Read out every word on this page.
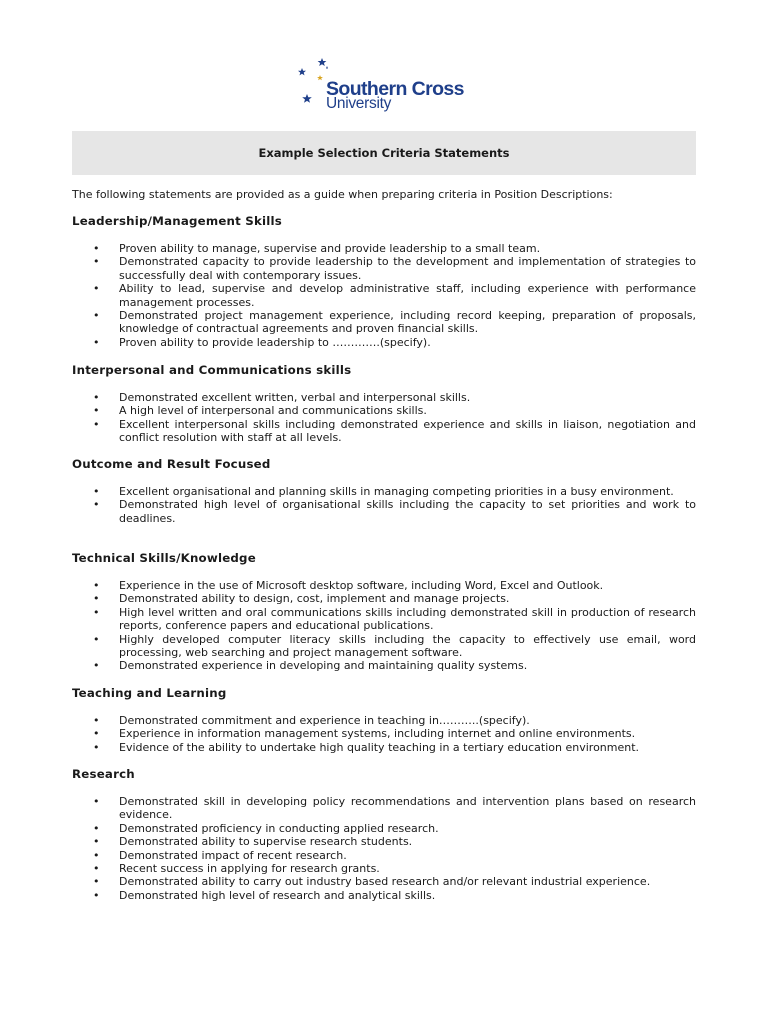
Southern Cross
University
Example Selection Criteria Statements
The following statements are provided as a guide when preparing criteria in Position Descriptions:
Leadership/Management Skills
• Proven ability to manage, supervise and provide leadership to a small team.
• Demonstrated capacity to provide leadership to the development and implementation of strategies to successfully deal with contemporary issues.
• Ability to lead, supervise and develop administrative staff, including experience with performance management processes.
• Demonstrated project management experience, including record keeping, preparation of proposals, knowledge of contractual agreements and proven financial skills.
• Proven ability to provide leadership to ………….(specify).
Interpersonal and Communications skills
• Demonstrated excellent written, verbal and interpersonal skills.
• A high level of interpersonal and communications skills.
• Excellent interpersonal skills including demonstrated experience and skills in liaison, negotiation and conflict resolution with staff at all levels.
Outcome and Result Focused
• Excellent organisational and planning skills in managing competing priorities in a busy environment.
• Demonstrated high level of organisational skills including the capacity to set priorities and work to deadlines.
Technical Skills/Knowledge
• Experience in the use of Microsoft desktop software, including Word, Excel and Outlook.
• Demonstrated ability to design, cost, implement and manage projects.
• High level written and oral communications skills including demonstrated skill in production of research reports, conference papers and educational publications.
• Highly developed computer literacy skills including the capacity to effectively use email, word processing, web searching and project management software.
• Demonstrated experience in developing and maintaining quality systems.
Teaching and Learning
• Demonstrated commitment and experience in teaching in………..(specify).
• Experience in information management systems, including internet and online environments.
• Evidence of the ability to undertake high quality teaching in a tertiary education environment.
Research
• Demonstrated skill in developing policy recommendations and intervention plans based on research evidence.
• Demonstrated proficiency in conducting applied research.
• Demonstrated ability to supervise research students.
• Demonstrated impact of recent research.
• Recent success in applying for research grants.
• Demonstrated ability to carry out industry based research and/or relevant industrial experience.
• Demonstrated high level of research and analytical skills.
